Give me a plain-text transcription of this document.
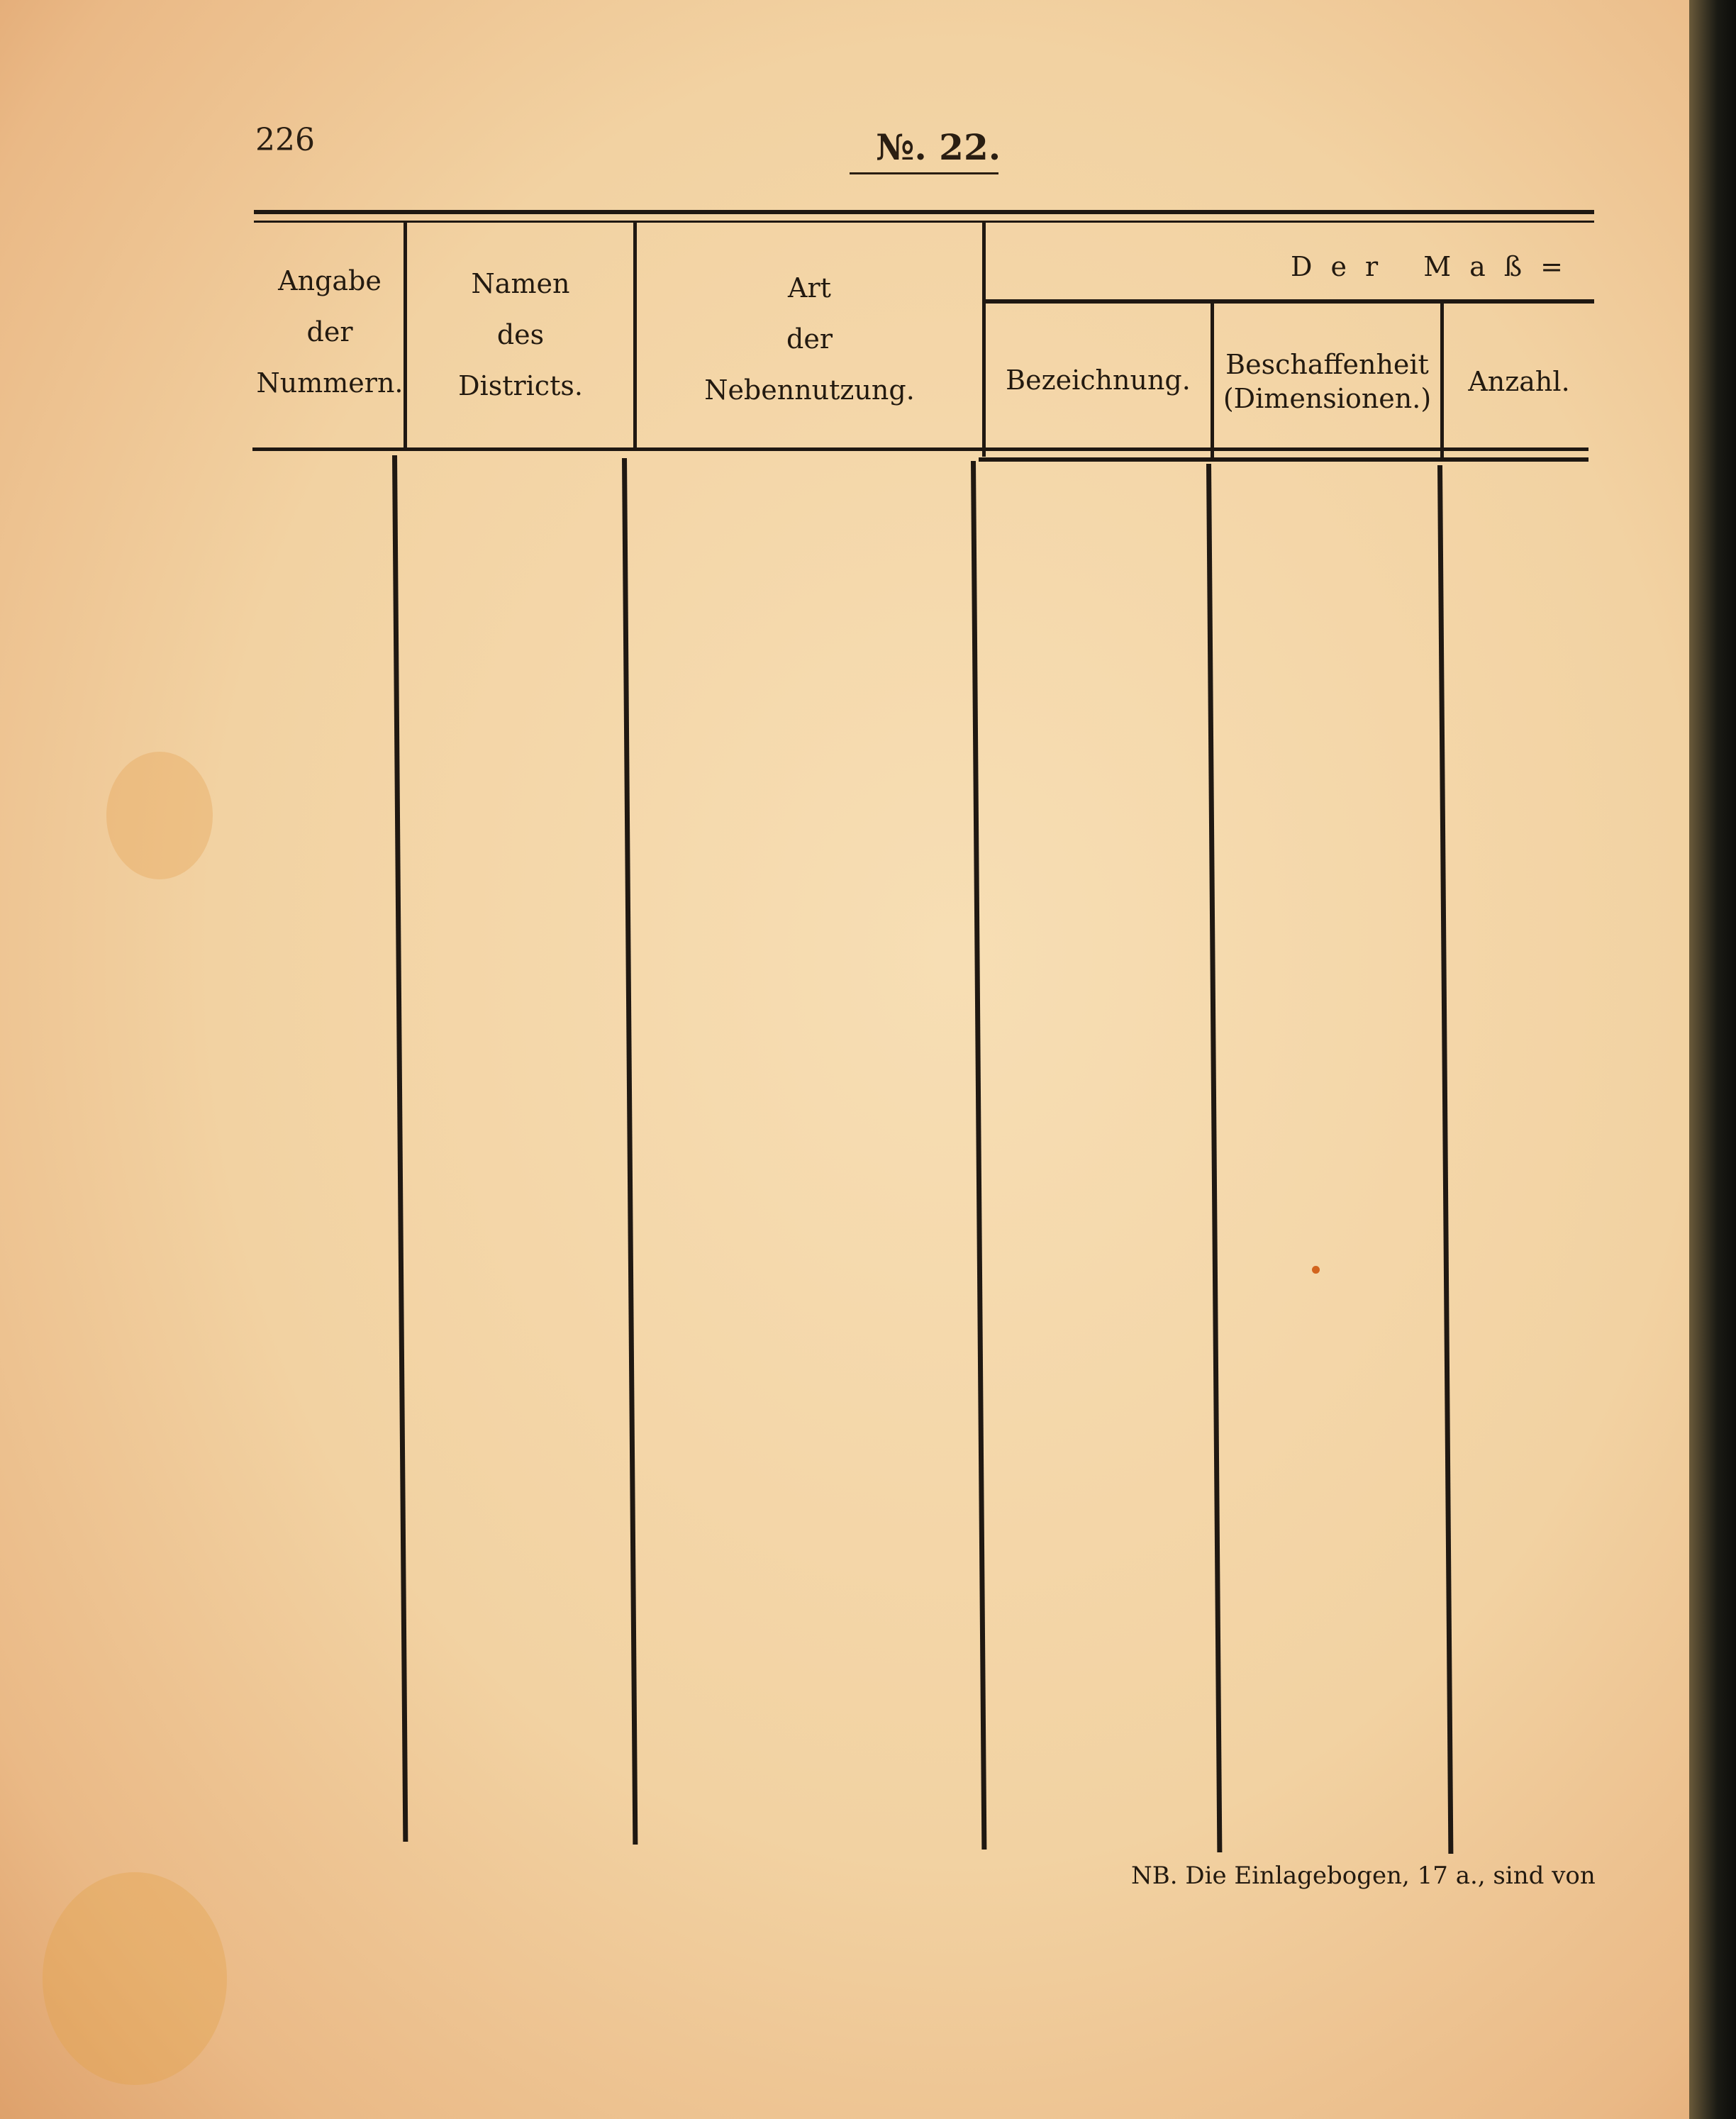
226	№. 22.
Angabe
der
Nummern.
Namen
des
Districts.
Art
der
Nebennutzung.
Der Maß=
Bezeichnung.	Beschaffenheit
(Dimensionen.)
Anzahl.
NB. Die Einlagebogen, 17 a., sind von
